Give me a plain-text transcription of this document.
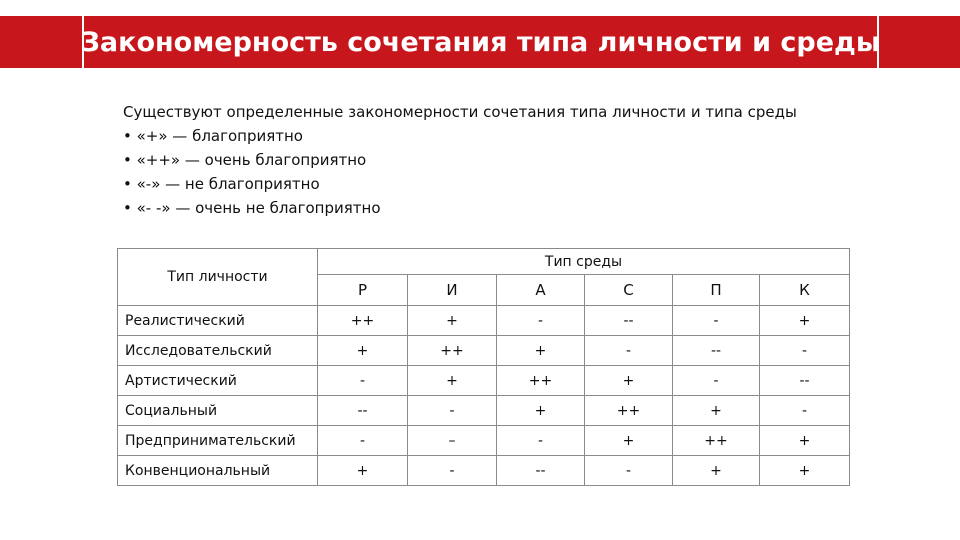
Закономерность сочетания типа личности и среды

Существуют определенные закономерности сочетания типа личности и типа среды

• «+» — благоприятно

• «++» — очень благоприятно

• «-» — не благоприятно

• «- -» — очень не благоприятно

Тип личности	Тип среды					
	Р	И	А	С	П	К
Реалистический	++	+	-	--	-	+
Исследовательский	+	++	+	-	--	-
Артистический	-	+	++	+	-	--
Социальный	--	-	+	++	+	-
Предпринимательский	-	–	-	+	++	+
Конвенциональный	+	-	--	-	+	+
